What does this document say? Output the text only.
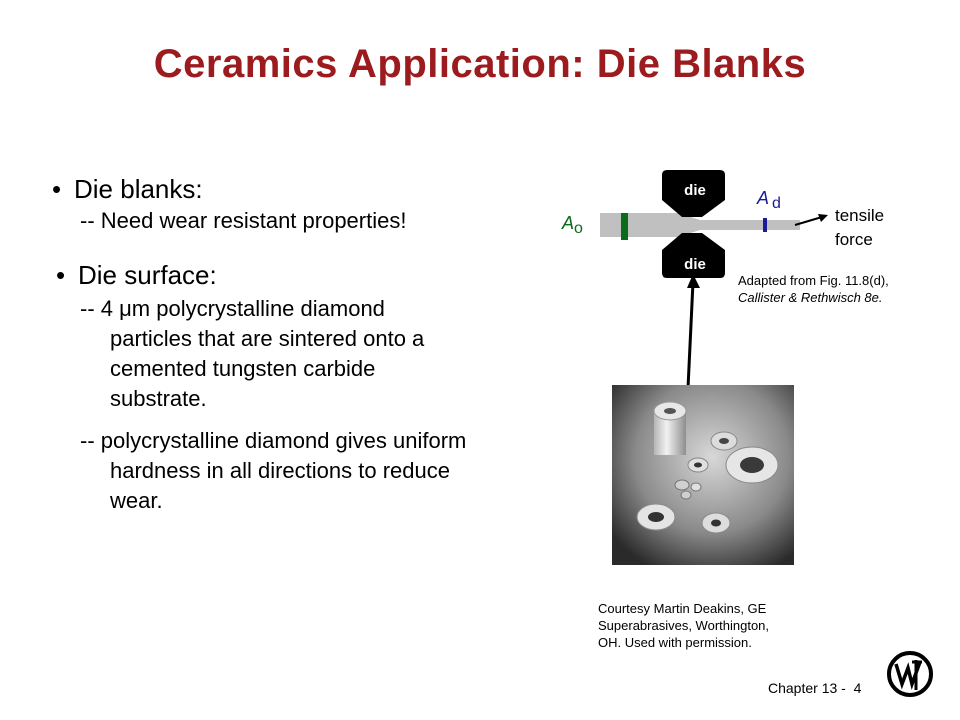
Ceramics Application: Die Blanks
• Die blanks:
-- Need wear resistant properties!
• Die surface:
-- 4 μm polycrystalline diamond
particles that are sintered onto a
cemented tungsten carbide
substrate.
-- polycrystalline diamond gives uniform
hardness in all directions to reduce
wear.
die
die
Ao
A d
tensile
force
Adapted from Fig. 11.8(d),
Callister & Rethwisch 8e.
Courtesy Martin Deakins, GE
Superabrasives, Worthington,
OH. Used with permission.
Chapter 13 - 4
